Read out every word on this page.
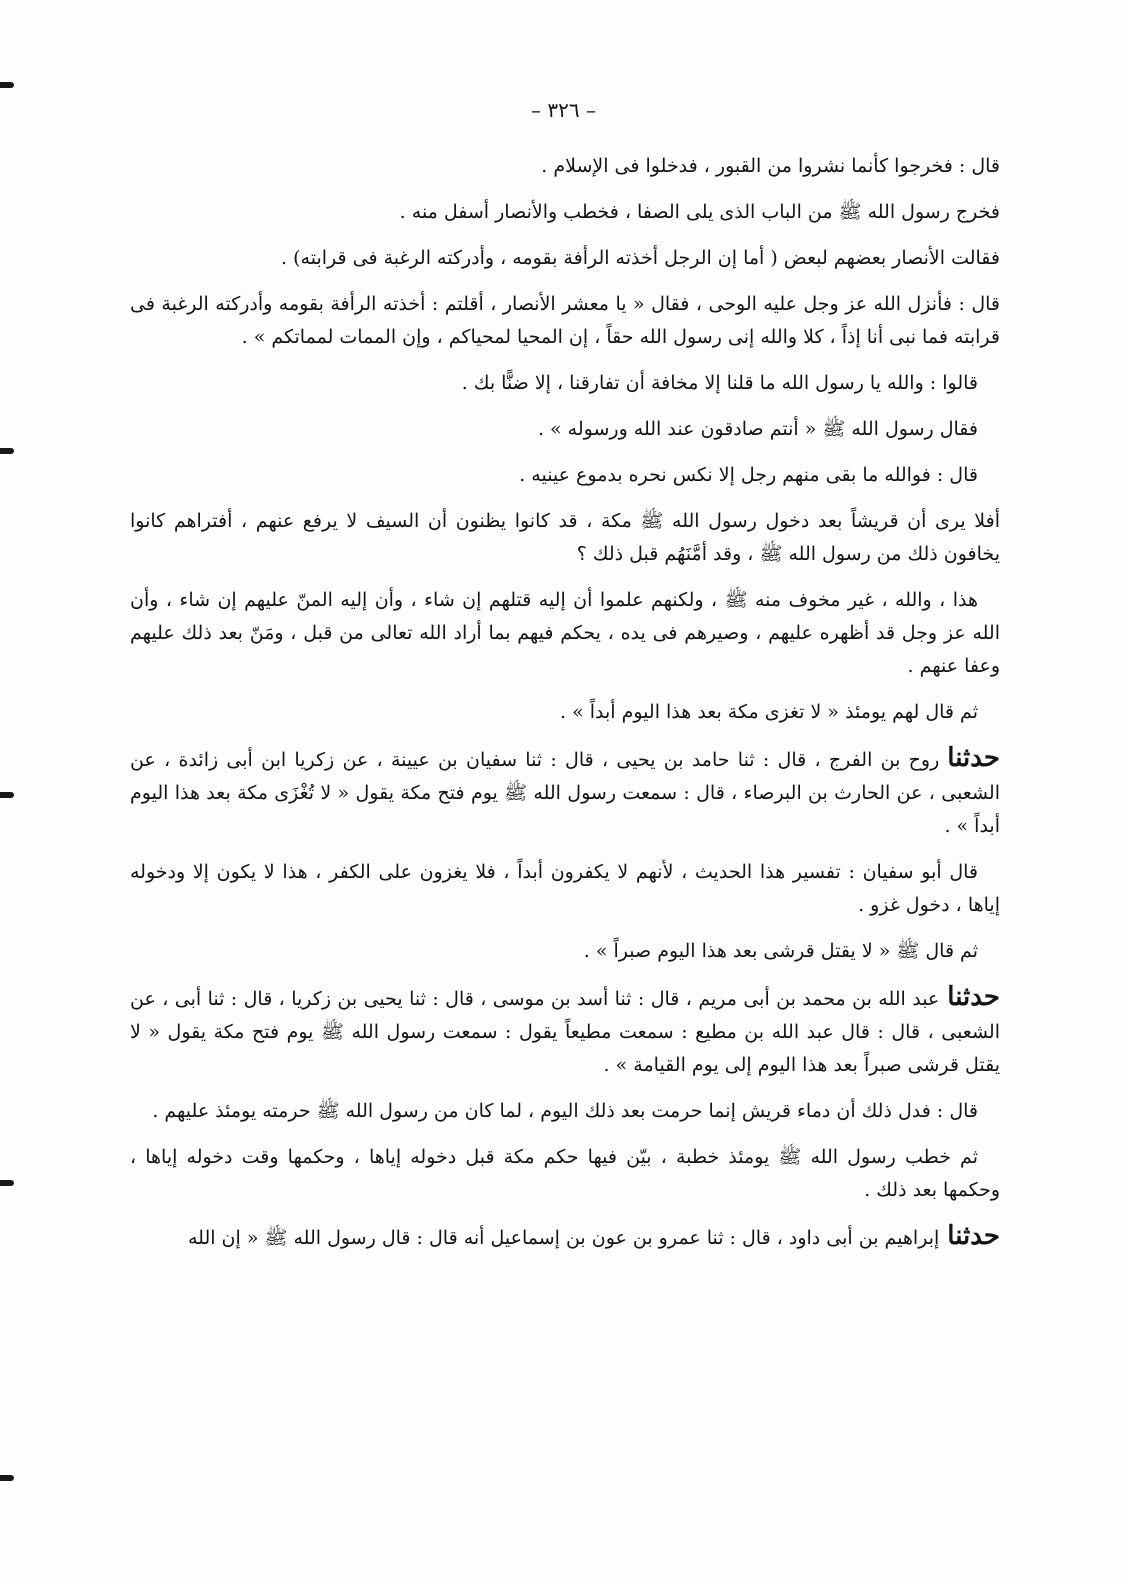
– ٣٢٦ –

قال : فخرجوا كأنما نشروا من القبور ، فدخلوا فى الإسلام .

فخرج رسول الله ﷺ من الباب الذى يلى الصفا ، فخطب والأنصار أسفل منه .

فقالت الأنصار بعضهم لبعض ( أما إن الرجل أخذته الرأفة بقومه ، وأدركته الرغبة فى قرابته) .

قال : فأنزل الله عز وجل عليه الوحى ، فقال « يا معشر الأنصار ، أقلتم : أخذته الرأفة بقومه وأدركته الرغبة فى قرابته فما نبى أنا إذاً ، كلا والله إنى رسول الله حقاً ، إن المحيا لمحياكم ، وإن الممات لمماتكم » .

قالوا : والله يا رسول الله ما قلنا إلا مخافة أن تفارقنا ، إلا ضنًّا بك .

فقال رسول الله ﷺ « أنتم صادقون عند الله ورسوله » .

قال : فوالله ما بقى منهم رجل إلا نكس نحره بدموع عينيه .

أفلا يرى أن قريشاً بعد دخول رسول الله ﷺ مكة ، قد كانوا يظنون أن السيف لا يرفع عنهم ، أفتراهم كانوا يخافون ذلك من رسول الله ﷺ ، وقد أمَّنَهُم قبل ذلك ؟

هذا ، والله ، غير مخوف منه ﷺ ، ولكنهم علموا أن إليه قتلهم إن شاء ، وأن إليه المنّ عليهم إن شاء ، وأن الله عز وجل قد أظهره عليهم ، وصيرهم فى يده ، يحكم فيهم بما أراد الله تعالى من قبل ، ومَنّ بعد ذلك عليهم وعفا عنهم .

ثم قال لهم يومئذ « لا تغزى مكة بعد هذا اليوم أبداً » .

حدثناروح بن الفرج ، قال : ثنا حامد بن يحيى ، قال : ثنا سفيان بن عيينة ، عن زكريا ابن أبى زائدة ، عن الشعبى ، عن الحارث بن البرصاء ، قال : سمعت رسول الله ﷺ يوم فتح مكة يقول « لا تُغْزَى مكة بعد هذا اليوم أبداً » .

قال أبو سفيان : تفسير هذا الحديث ، لأنهم لا يكفرون أبداً ، فلا يغزون على الكفر ، هذا لا يكون إلا ودخوله إياها ، دخول غزو .

ثم قال ﷺ « لا يقتل قرشى بعد هذا اليوم صبراً » .

حدثناعبد الله بن محمد بن أبى مريم ، قال : ثنا أسد بن موسى ، قال : ثنا يحيى بن زكريا ، قال : ثنا أبى ، عن الشعبى ، قال : قال عبد الله بن مطيع : سمعت مطيعاً يقول : سمعت رسول الله ﷺ يوم فتح مكة يقول « لا يقتل قرشى صبراً بعد هذا اليوم إلى يوم القيامة » .

قال : فدل ذلك أن دماء قريش إنما حرمت بعد ذلك اليوم ، لما كان من رسول الله ﷺ حرمته يومئذ عليهم .

ثم خطب رسول الله ﷺ يومئذ خطبة ، بيّن فيها حكم مكة قبل دخوله إياها ، وحكمها وقت دخوله إياها ، وحكمها بعد ذلك .

حدثناإبراهيم بن أبى داود ، قال : ثنا عمرو بن عون بن إسماعيل أنه قال : قال رسول الله ﷺ « إن الله
